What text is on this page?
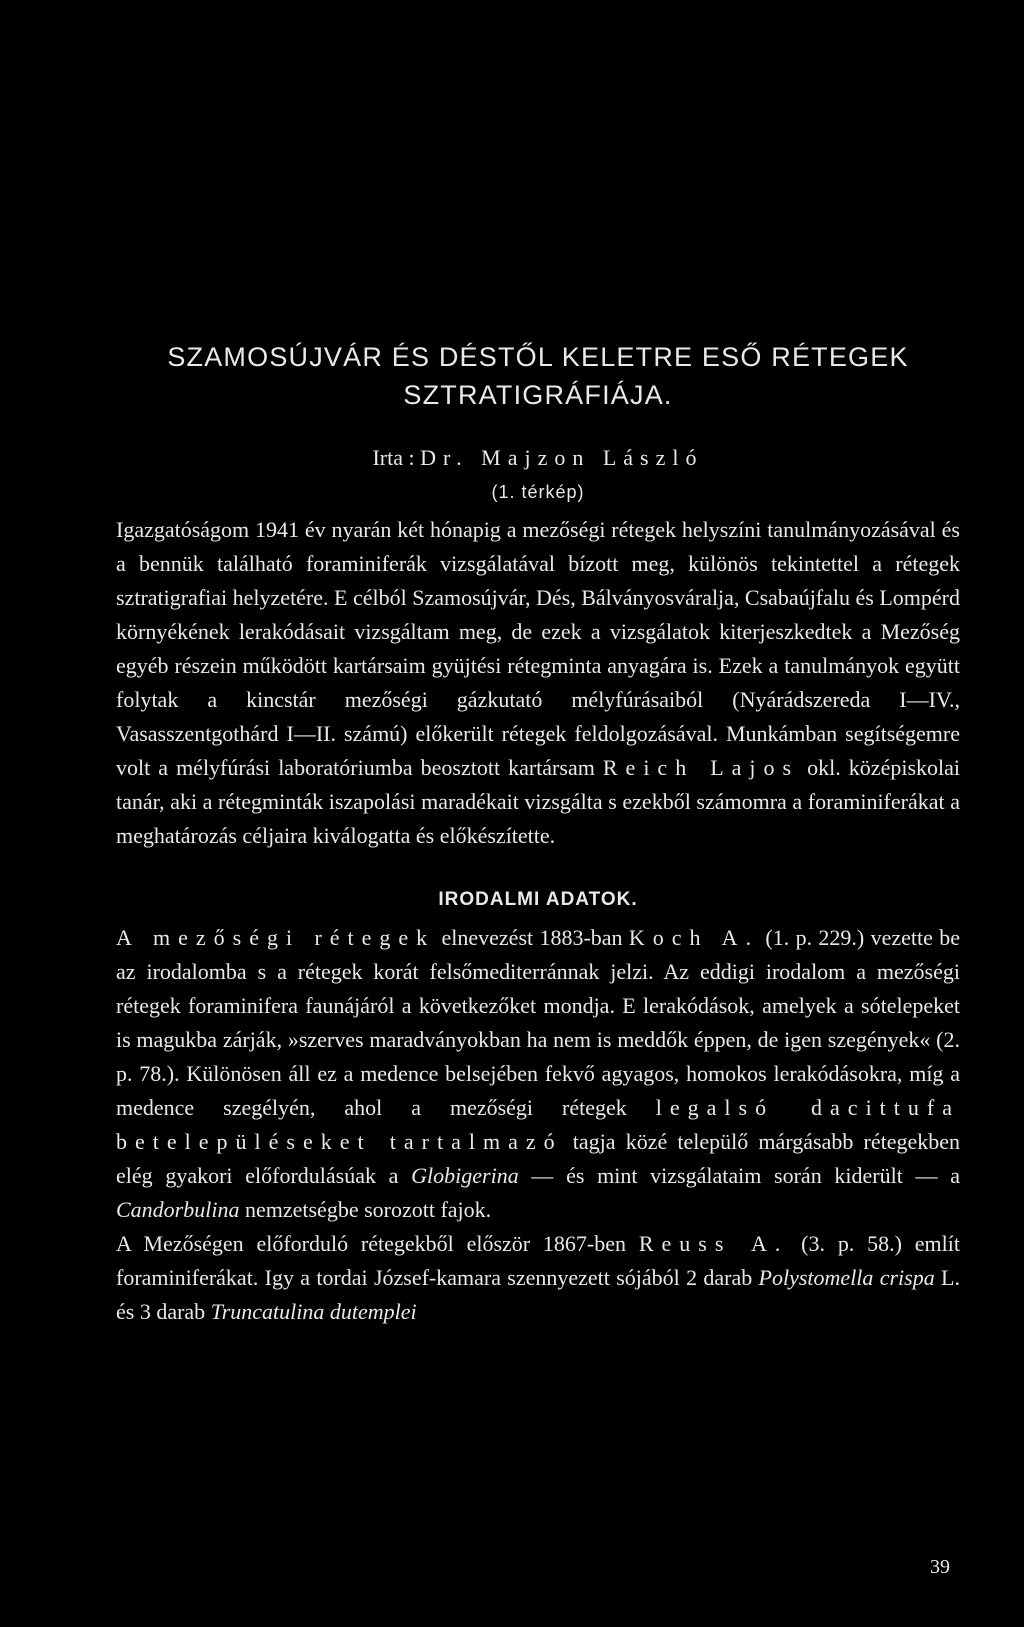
SZAMOSÚJVÁR ÉS DÉSTŐL KELETRE ESŐ RÉTEGEK
SZTRATIGRÁFIÁJA.
Irta : Dr. Majzon László
(1. térkép)

Igazgatóságom 1941 év nyarán két hónapig a mezőségi rétegek helyszíni tanulmányozásával és a bennük található foraminiferák vizsgálatával bízott meg, különös tekintettel a rétegek sztratigrafiai helyzetére. E célból Szamosújvár, Dés, Bálványosváralja, Csabaújfalu és Lompérd környékének lerakódásait vizsgáltam meg, de ezek a vizsgálatok kiterjeszkedtek a Mezőség egyéb részein működött kartársaim gyüjtési rétegminta anyagára is. Ezek a tanulmányok együtt folytak a kincstár mezőségi gázkutató mélyfúrásaiból (Nyárádszereda I—IV., Vasasszentgothárd I—II. számú) előkerült rétegek feldolgozásával. Munkámban segítségemre volt a mélyfúrási laboratóriumba beosztott kartársam Reich Lajos okl. középiskolai tanár, aki a rétegminták iszapolási maradékait vizsgálta s ezekből számomra a foraminiferákat a meghatározás céljaira kiválogatta és előkészítette.

IRODALMI ADATOK.

A mezőségi rétegek elnevezést 1883-ban Koch A. (1. p. 229.) vezette be az irodalomba s a rétegek korát felsőmediterránnak jelzi. Az eddigi irodalom a mezőségi rétegek foraminifera faunájáról a következőket mondja. E lerakódások, amelyek a sótelepeket is magukba zárják, »szerves maradványokban ha nem is meddők éppen, de igen szegények« (2. p. 78.). Különösen áll ez a medence belsejében fekvő agyagos, homokos lerakódásokra, míg a medence szegélyén, ahol a mezőségi rétegek legalsó dacittufa betelepüléseket tartalmazó tagja közé települő márgásabb rétegekben elég gyakori előfordulásúak a Globigerina — és mint vizsgálataim során kiderült — a Candorbulina nemzetségbe sorozott fajok.

A Mezőségen előforduló rétegekből először 1867-ben Reuss A. (3. p. 58.) említ foraminiferákat. Igy a tordai József-kamara szennyezett sójából 2 darab Polystomella crispa L. és 3 darab Truncatulina dutemplei

39
